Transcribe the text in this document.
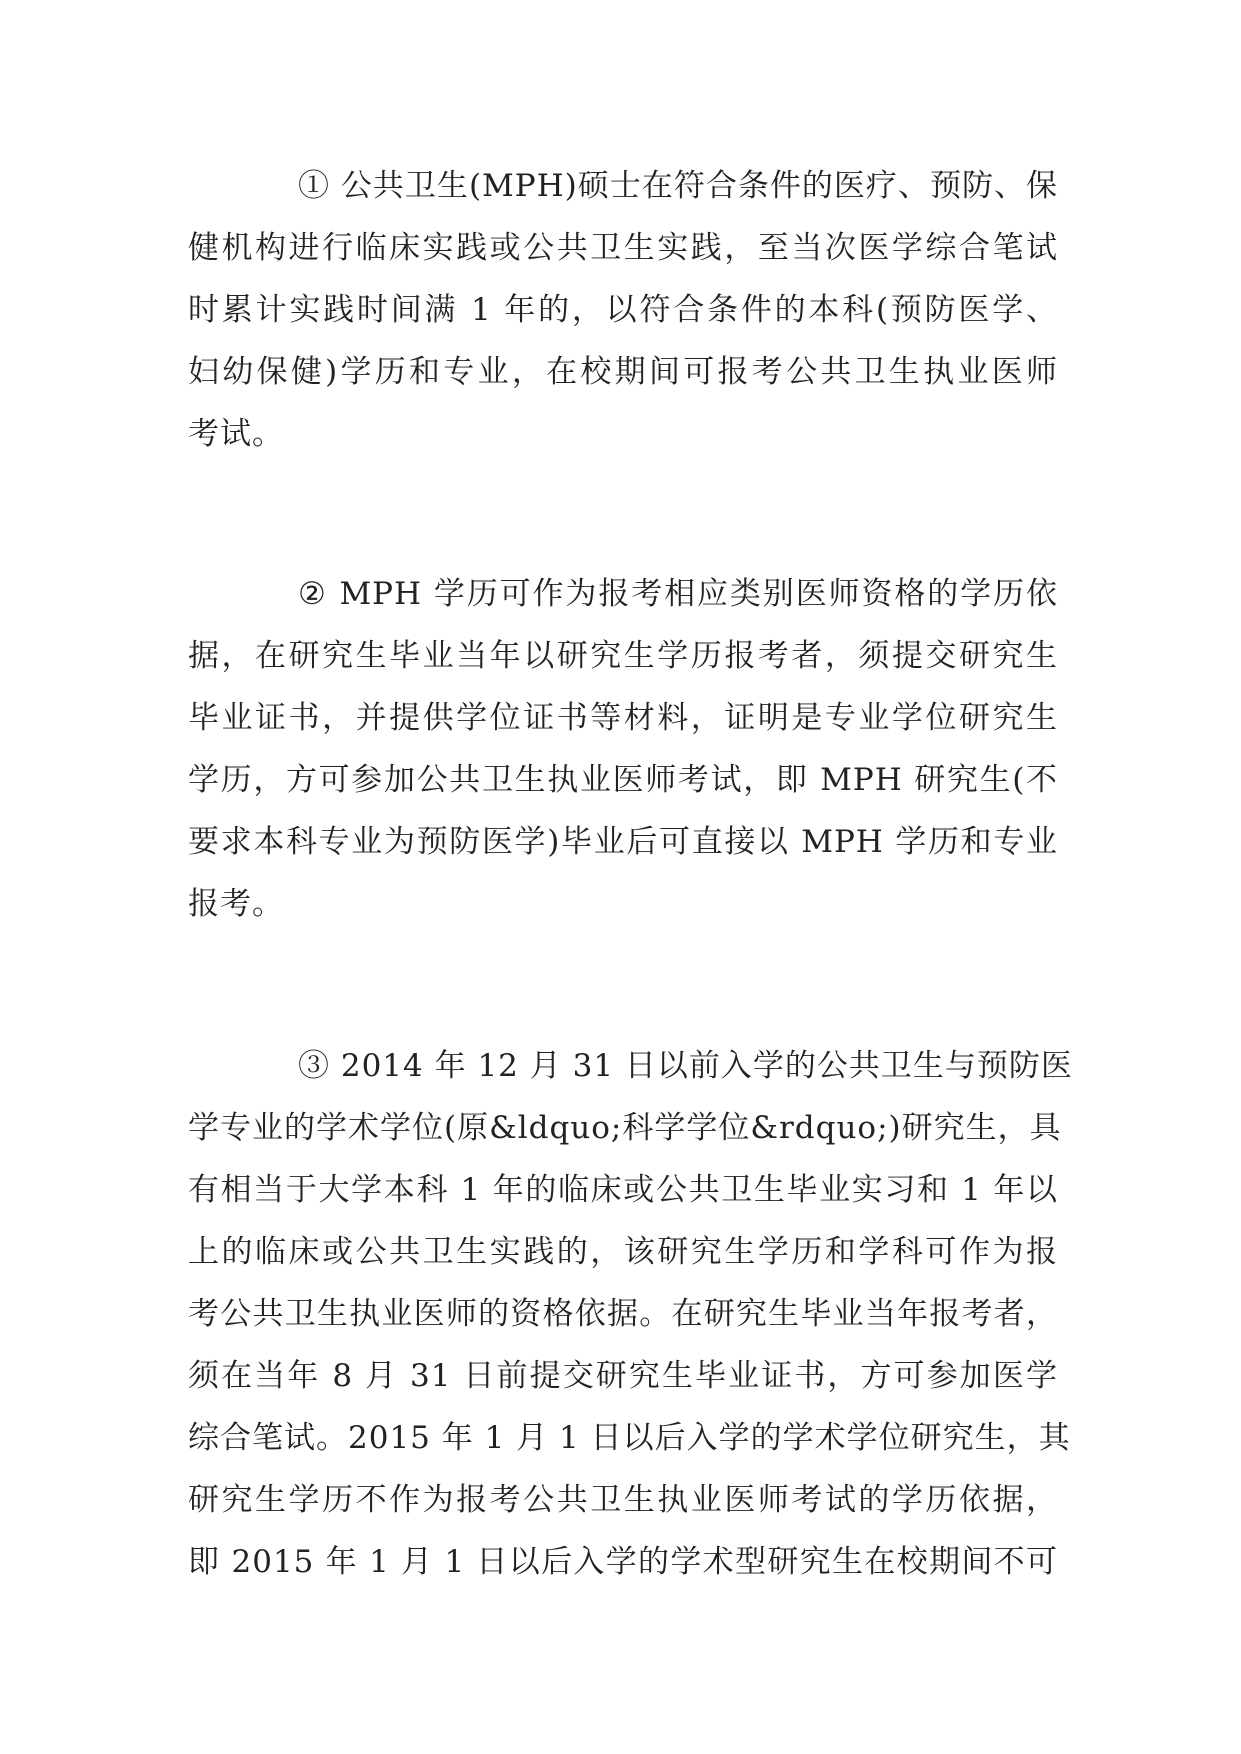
① 公共卫生(MPH)硕士在符合条件的医疗、预防、保
健机构进行临床实践或公共卫生实践，至当次医学综合笔试
时累计实践时间满 1 年的，以符合条件的本科(预防医学、
妇幼保健)学历和专业，在校期间可报考公共卫生执业医师
考试。

② MPH 学历可作为报考相应类别医师资格的学历依
据，在研究生毕业当年以研究生学历报考者，须提交研究生
毕业证书，并提供学位证书等材料，证明是专业学位研究生
学历，方可参加公共卫生执业医师考试，即 MPH 研究生(不
要求本科专业为预防医学)毕业后可直接以 MPH 学历和专业
报考。

③ 2014 年 12 月 31 日以前入学的公共卫生与预防医
学专业的学术学位(原&ldquo;科学学位&rdquo;)研究生，具
有相当于大学本科 1 年的临床或公共卫生毕业实习和 1 年以
上的临床或公共卫生实践的，该研究生学历和学科可作为报
考公共卫生执业医师的资格依据。在研究生毕业当年报考者，
须在当年 8 月 31 日前提交研究生毕业证书，方可参加医学
综合笔试。2015 年 1 月 1 日以后入学的学术学位研究生，其
研究生学历不作为报考公共卫生执业医师考试的学历依据，
即 2015 年 1 月 1 日以后入学的学术型研究生在校期间不可
